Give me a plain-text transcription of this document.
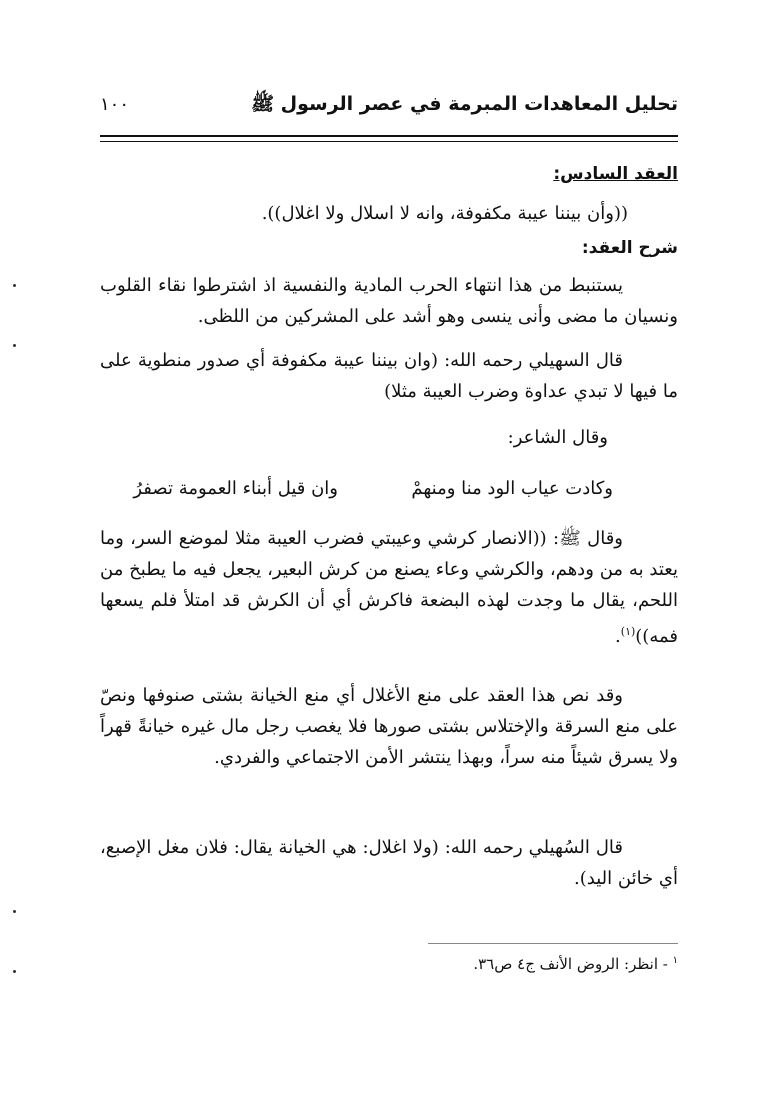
تحليل المعاهدات المبرمة في عصر الرسول ﷺ
١٠٠
العقد السادس:
((وأن بيننا عيبة مكفوفة، وانه لا اسلال ولا اغلال)).
شرح العقد:
يستنبط من هذا انتهاء الحرب المادية والنفسية اذ اشترطوا نقاء القلوب ونسيان ما مضى وأنى ينسى وهو أشد على المشركين من اللظى.
قال السهيلي رحمه الله: (وان بيننا عيبة مكفوفة أي صدور منطوية على ما فيها لا تبدي عداوة وضرب العيبة مثلا)
وقال الشاعر:
وكادت عياب الود منا ومنهمْ
وان قيل أبناء العمومة تصفرُ
وقال ﷺ: ((الانصار كرشي وعيبتي فضرب العيبة مثلا لموضع السر، وما يعتد به من ودهم، والكرشي وعاء يصنع من كرش البعير، يجعل فيه ما يطبخ من اللحم، يقال ما وجدت لهذه البضعة فاكرش أي أن الكرش قد امتلأ فلم يسعها فمه))$^{(١)}$.
وقد نص هذا العقد على منع الأغلال أي منع الخيانة بشتى صنوفها ونصّ على منع السرقة والإختلاس بشتى صورها فلا يغصب رجل مال غيره خيانةً قهراً ولا يسرق شيئاً منه سراً، وبهذا ينتشر الأمن الاجتماعي والفردي.
قال السُهيلي رحمه الله: (ولا اغلال: هي الخيانة يقال: فلان مغل الإصبع، أي خائن اليد).
$^١$ - انظر: الروض الأنف ج٤ ص٣٦.
